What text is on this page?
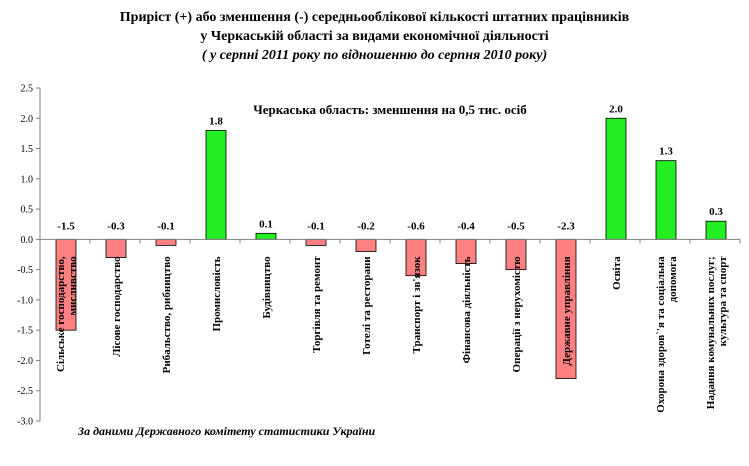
Приріст (+) або зменшення (-) середньооблікової кількості штатних працівників
у Черкаській області за видами економічної діяльності
( у серпні 2011 року по відношенню до серпня 2010 року)
2.5
2.0
1.5
1.0
0.5
0.0
-0.5
-1.0
-1.5
-2.0
-2.5
-3.0
-1.5	-0.3	-0.1
1.8
0.1	-0.1	-0.2	-0.6	-0.4	-0.5	-2.3
2.0
1.3
0.3
Сільське господарство, мисливство	Лісове господарство	Рибальство, рибництво	Промисловість	Будівництво	Торгівля та ремонт	Готелі та ресторани	Транспорт і зв'язок	Фінансова діяльність	Операції з нерухомістю	Державне управління	Освіта	Охорона здоров`'я та соціальна допомога Надання комунальних послуг; культура та спорт
Черкаська область: зменшення на 0,5 тис. осіб
За даними Державного комітету статистики України
